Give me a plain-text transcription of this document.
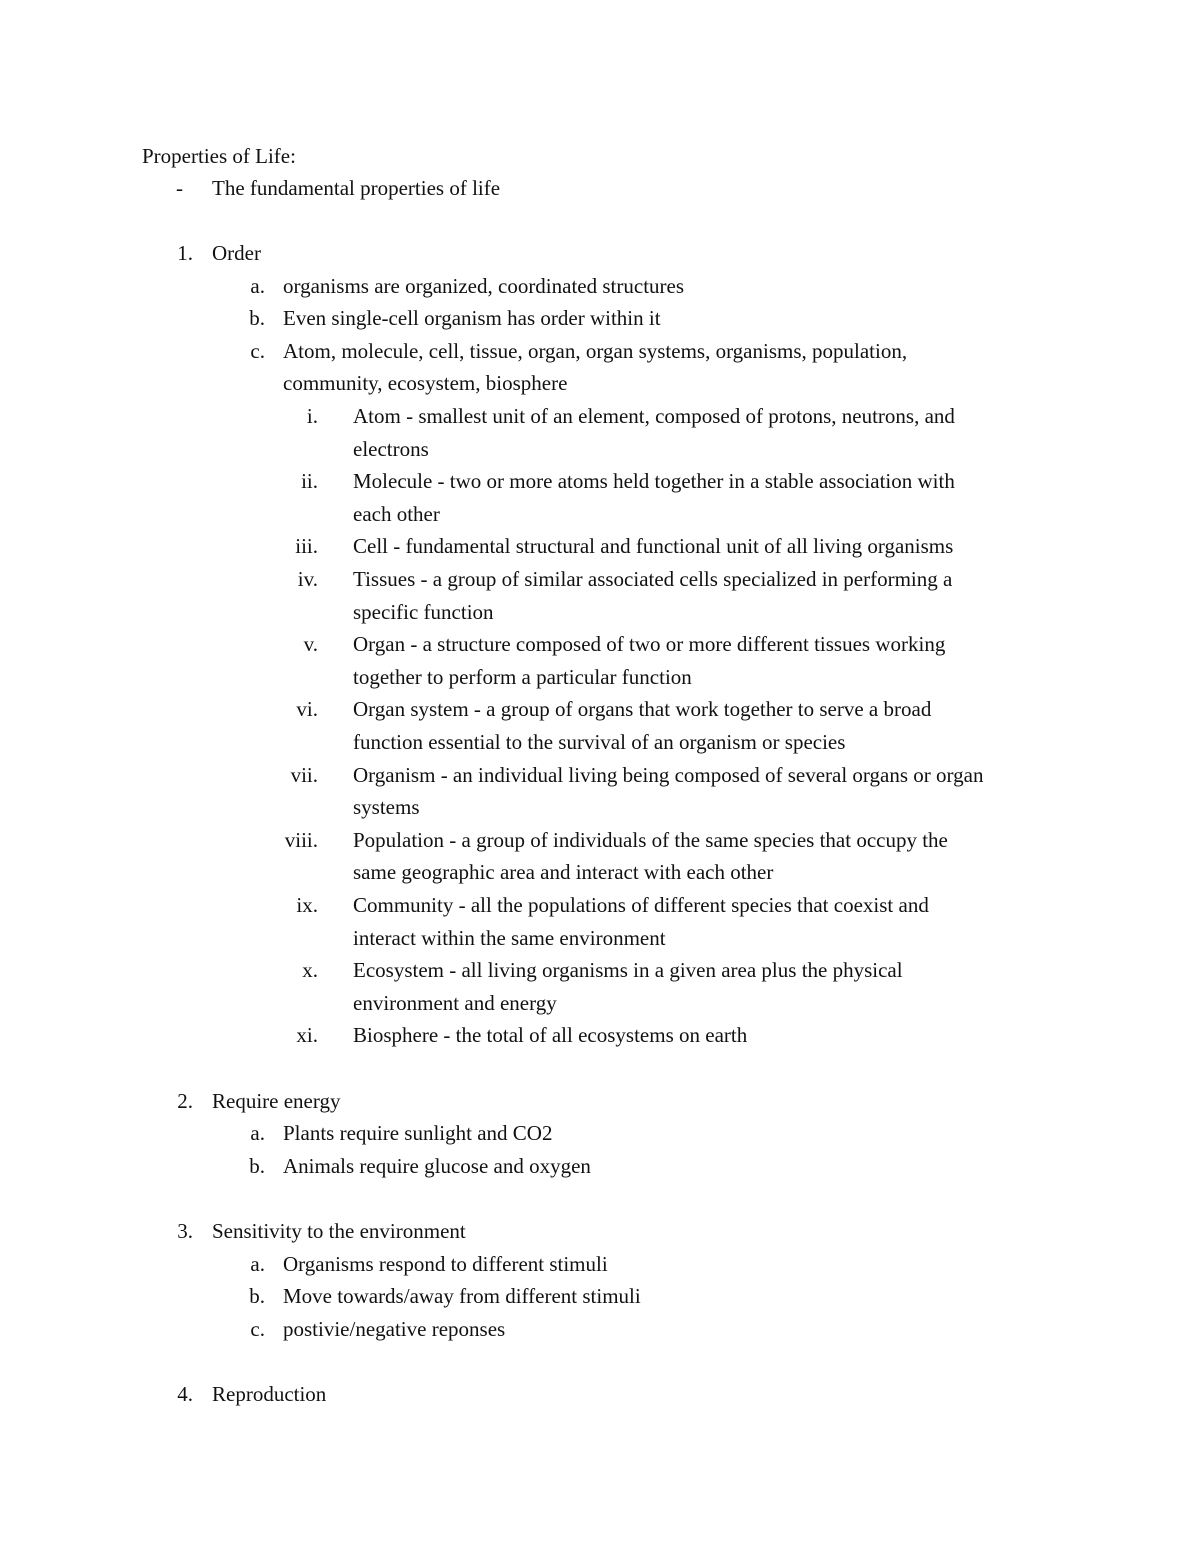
Properties of Life:
- The fundamental properties of life
1. Order
a. organisms are organized, coordinated structures
b. Even single-cell organism has order within it
c. Atom, molecule, cell, tissue, organ, organ systems, organisms, population,
community, ecosystem, biosphere
i. Atom - smallest unit of an element, composed of protons, neutrons, and
electrons
ii. Molecule - two or more atoms held together in a stable association with
each other
iii. Cell - fundamental structural and functional unit of all living organisms
iv. Tissues - a group of similar associated cells specialized in performing a
specific function
v. Organ - a structure composed of two or more different tissues working
together to perform a particular function
vi. Organ system - a group of organs that work together to serve a broad
function essential to the survival of an organism or species
vii. Organism - an individual living being composed of several organs or organ
systems
viii. Population - a group of individuals of the same species that occupy the
same geographic area and interact with each other
ix. Community - all the populations of different species that coexist and
interact within the same environment
x. Ecosystem - all living organisms in a given area plus the physical
environment and energy
xi. Biosphere - the total of all ecosystems on earth
2. Require energy
a. Plants require sunlight and CO2
b. Animals require glucose and oxygen
3. Sensitivity to the environment
a. Organisms respond to different stimuli
b. Move towards/away from different stimuli
c. postivie/negative reponses
4. Reproduction
